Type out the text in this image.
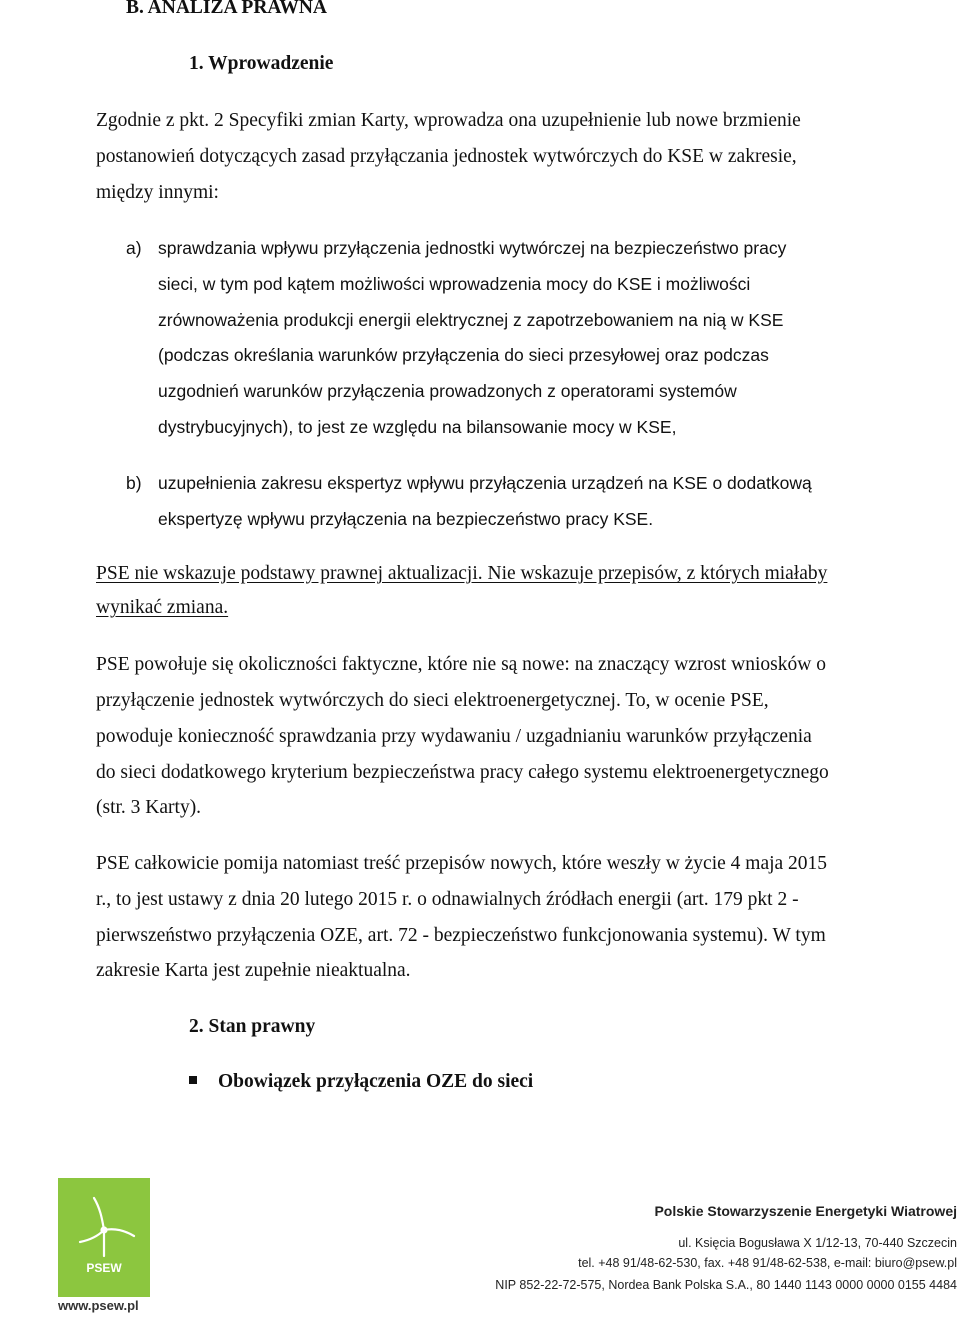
B. ANALIZA PRAWNA
1. Wprowadzenie
Zgodnie z pkt. 2 Specyfiki zmian Karty, wprowadza ona uzupełnienie lub nowe brzmienie
postanowień dotyczących zasad przyłączania jednostek wytwórczych do KSE w zakresie,
między innymi:
a) sprawdzania wpływu przyłączenia jednostki wytwórczej na bezpieczeństwo pracy
sieci, w tym pod kątem możliwości wprowadzenia mocy do KSE i możliwości
zrównoważenia produkcji energii elektrycznej z zapotrzebowaniem na nią w KSE
(podczas określania warunków przyłączenia do sieci przesyłowej oraz podczas
uzgodnień warunków przyłączenia prowadzonych z operatorami systemów
dystrybucyjnych), to jest ze względu na bilansowanie mocy w KSE,
b) uzupełnienia zakresu ekspertyz wpływu przyłączenia urządzeń na KSE o dodatkową
ekspertyzę wpływu przyłączenia na bezpieczeństwo pracy KSE.
PSE nie wskazuje podstawy prawnej aktualizacji. Nie wskazuje przepisów, z których miałaby
wynikać zmiana.
PSE powołuje się okoliczności faktyczne, które nie są nowe: na znaczący wzrost wniosków o
przyłączenie jednostek wytwórczych do sieci elektroenergetycznej. To, w ocenie PSE,
powoduje konieczność sprawdzania przy wydawaniu / uzgadnianiu warunków przyłączenia
do sieci dodatkowego kryterium bezpieczeństwa pracy całego systemu elektroenergetycznego
(str. 3 Karty).
PSE całkowicie pomija natomiast treść przepisów nowych, które weszły w życie 4 maja 2015
r., to jest ustawy z dnia 20 lutego 2015 r. o odnawialnych źródłach energii (art. 179 pkt 2 -
pierwszeństwo przyłączenia OZE, art. 72 - bezpieczeństwo funkcjonowania systemu). W tym
zakresie Karta jest zupełnie nieaktualna.
2. Stan prawny
Obowiązek przyłączenia OZE do sieci
PSEW
www.psew.pl
Polskie Stowarzyszenie Energetyki Wiatrowej
ul. Księcia Bogusława X 1/12-13, 70-440 Szczecin
tel. +48 91/48-62-530, fax. +48 91/48-62-538, e-mail: biuro@psew.pl
NIP 852-22-72-575, Nordea Bank Polska S.A., 80 1440 1143 0000 0000 0155 4484
